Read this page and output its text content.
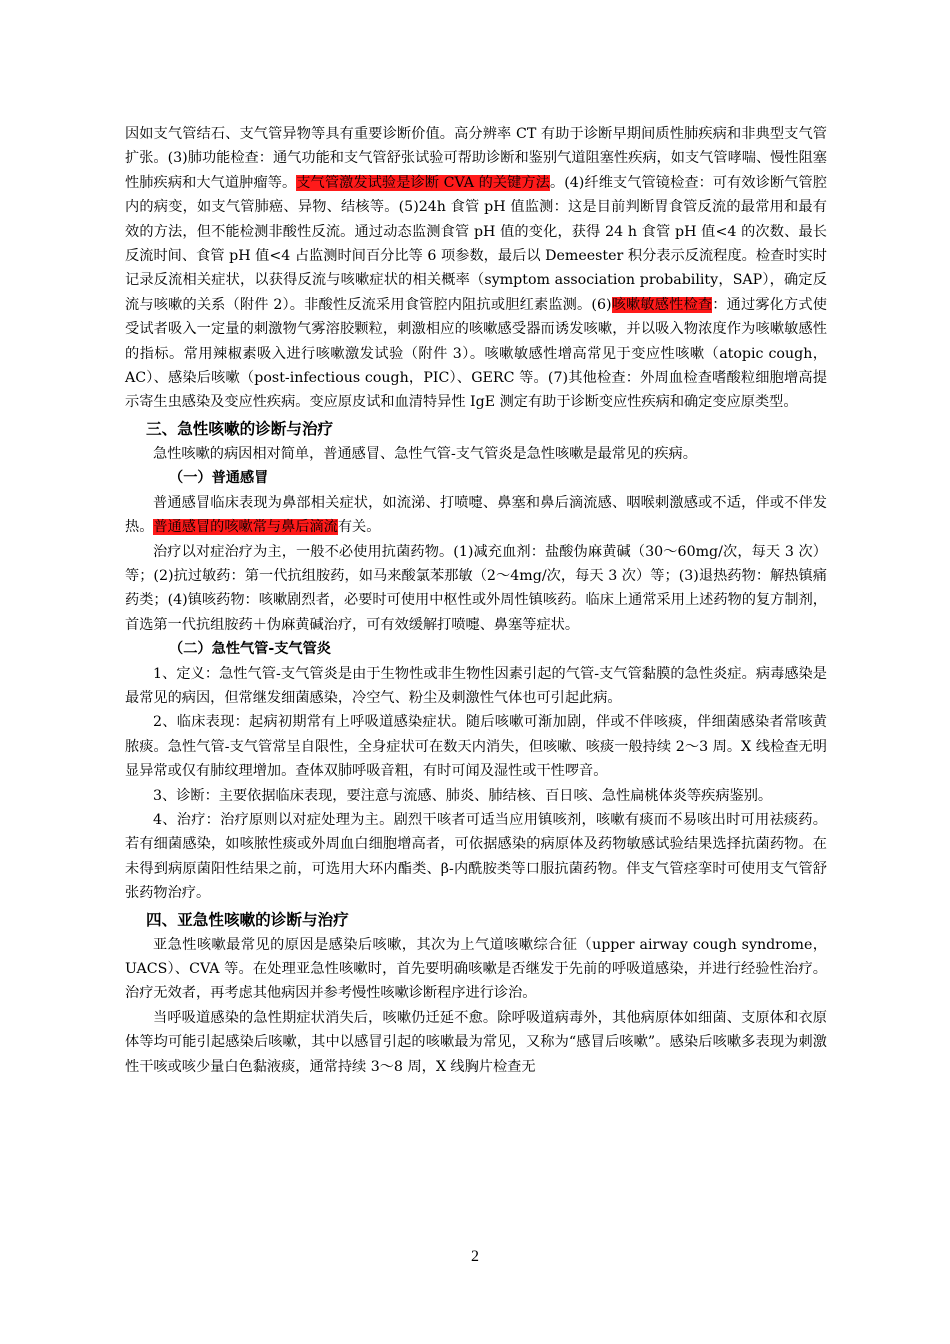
因如支气管结石、支气管异物等具有重要诊断价值。高分辨率 CT 有助于诊断早期间质性肺疾病和非典型支气管扩张。(3)肺功能检查：通气功能和支气管舒张试验可帮助诊断和鉴别气道阻塞性疾病，如支气管哮喘、慢性阻塞性肺疾病和大气道肿瘤等。支气管激发试验是诊断 CVA 的关键方法。(4)纤维支气管镜检查：可有效诊断气管腔内的病变，如支气管肺癌、异物、结核等。(5)24h 食管 pH 值监测：这是目前判断胃食管反流的最常用和最有效的方法，但不能检测非酸性反流。通过动态监测食管 pH 值的变化，获得 24 h 食管 pH 值<4 的次数、最长反流时间、食管 pH 值<4 占监测时间百分比等 6 项参数，最后以 Demeester 积分表示反流程度。检查时实时记录反流相关症状，以获得反流与咳嗽症状的相关概率（symptom association probability，SAP），确定反流与咳嗽的关系（附件 2）。非酸性反流采用食管腔内阻抗或胆红素监测。(6)咳嗽敏感性检查：通过雾化方式使受试者吸入一定量的刺激物气雾溶胶颗粒，刺激相应的咳嗽感受器而诱发咳嗽，并以吸入物浓度作为咳嗽敏感性的指标。常用辣椒素吸入进行咳嗽激发试验（附件 3）。咳嗽敏感性增高常见于变应性咳嗽（atopic cough，AC）、感染后咳嗽（post-infectious cough，PIC）、GERC 等。(7)其他检查：外周血检查嗜酸粒细胞增高提示寄生虫感染及变应性疾病。变应原皮试和血清特异性 IgE 测定有助于诊断变应性疾病和确定变应原类型。

三、急性咳嗽的诊断与治疗

急性咳嗽的病因相对简单，普通感冒、急性气管-支气管炎是急性咳嗽是最常见的疾病。

（一）普通感冒

普通感冒临床表现为鼻部相关症状，如流涕、打喷嚏、鼻塞和鼻后滴流感、咽喉刺激感或不适，伴或不伴发热。普通感冒的咳嗽常与鼻后滴流有关。

治疗以对症治疗为主，一般不必使用抗菌药物。(1)减充血剂：盐酸伪麻黄碱（30～60mg/次，每天 3 次）等；(2)抗过敏药：第一代抗组胺药，如马来酸氯苯那敏（2～4mg/次，每天 3 次）等；(3)退热药物：解热镇痛药类；(4)镇咳药物：咳嗽剧烈者，必要时可使用中枢性或外周性镇咳药。临床上通常采用上述药物的复方制剂，首选第一代抗组胺药＋伪麻黄碱治疗，可有效缓解打喷嚏、鼻塞等症状。

（二）急性气管-支气管炎

1、定义：急性气管-支气管炎是由于生物性或非生物性因素引起的气管-支气管黏膜的急性炎症。病毒感染是最常见的病因，但常继发细菌感染，冷空气、粉尘及刺激性气体也可引起此病。

2、临床表现：起病初期常有上呼吸道感染症状。随后咳嗽可渐加剧，伴或不伴咳痰，伴细菌感染者常咳黄脓痰。急性气管-支气管常呈自限性，全身症状可在数天内消失，但咳嗽、咳痰一般持续 2～3 周。X 线检查无明显异常或仅有肺纹理增加。查体双肺呼吸音粗，有时可闻及湿性或干性啰音。

3、诊断：主要依据临床表现，要注意与流感、肺炎、肺结核、百日咳、急性扁桃体炎等疾病鉴别。

4、治疗：治疗原则以对症处理为主。剧烈干咳者可适当应用镇咳剂，咳嗽有痰而不易咳出时可用祛痰药。若有细菌感染，如咳脓性痰或外周血白细胞增高者，可依据感染的病原体及药物敏感试验结果选择抗菌药物。在未得到病原菌阳性结果之前，可选用大环内酯类、β-内酰胺类等口服抗菌药物。伴支气管痉挛时可使用支气管舒张药物治疗。

四、亚急性咳嗽的诊断与治疗

亚急性咳嗽最常见的原因是感染后咳嗽，其次为上气道咳嗽综合征（upper airway cough syndrome，UACS）、CVA 等。在处理亚急性咳嗽时，首先要明确咳嗽是否继发于先前的呼吸道感染，并进行经验性治疗。治疗无效者，再考虑其他病因并参考慢性咳嗽诊断程序进行诊治。

当呼吸道感染的急性期症状消失后，咳嗽仍迁延不愈。除呼吸道病毒外，其他病原体如细菌、支原体和衣原体等均可能引起感染后咳嗽，其中以感冒引起的咳嗽最为常见，又称为“感冒后咳嗽”。感染后咳嗽多表现为刺激性干咳或咳少量白色黏液痰，通常持续 3～8 周，X 线胸片检查无

2
